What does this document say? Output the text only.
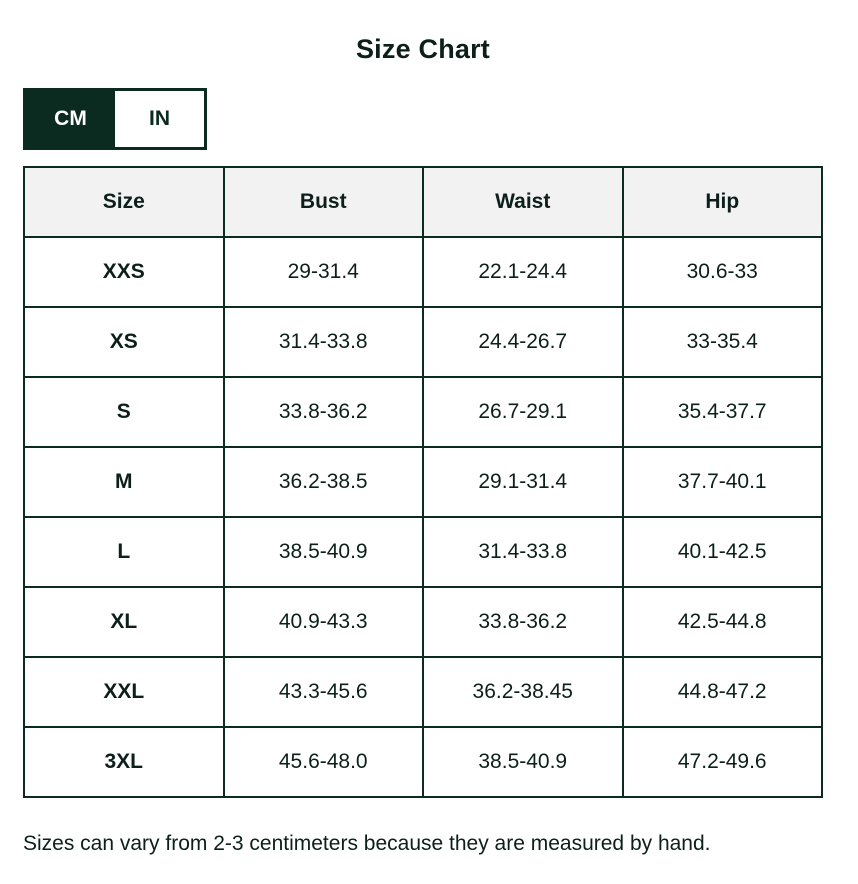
Size Chart
CM	IN
Size	Bust	Waist	Hip
XXS	29-31.4	22.1-24.4	30.6-33
XS	31.4-33.8	24.4-26.7	33-35.4
S	33.8-36.2	26.7-29.1	35.4-37.7
M	36.2-38.5	29.1-31.4	37.7-40.1
L	38.5-40.9	31.4-33.8	40.1-42.5
XL	40.9-43.3	33.8-36.2	42.5-44.8
XXL	43.3-45.6	36.2-38.45	44.8-47.2
3XL	45.6-48.0	38.5-40.9	47.2-49.6
Sizes can vary from 2-3 centimeters because they are measured by hand.
